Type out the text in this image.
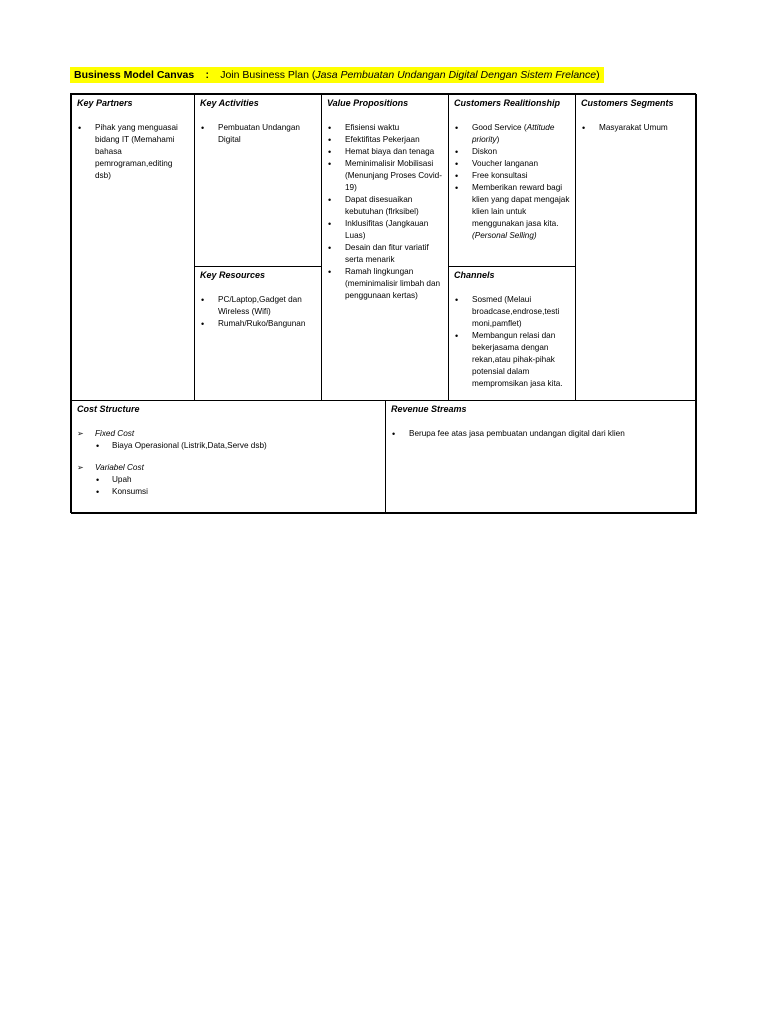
Business Model Canvas : Join Business Plan (Jasa Pembuatan Undangan Digital Dengan Sistem Frelance)
Key Partners
• Pihak yang menguasai bidang IT (Memahami bahasa pemrograman,editing dsb)
Key Activities
• Pembuatan Undangan Digital
Key Resources
• PC/Laptop,Gadget dan Wireless (Wifi)
• Rumah/Ruko/Bangunan
Value Propositions
• Efisiensi waktu
• Efektifitas Pekerjaan
• Hemat biaya dan tenaga
• Meminimalisir Mobilisasi (Menunjang Proses Covid-19)
• Dapat disesuaikan kebutuhan (flrksibel)
• Inklusifitas (Jangkauan Luas)
• Desain dan fitur variatif serta menarik
• Ramah lingkungan (meminimalisir limbah dan penggunaan kertas)
Customers Realitionship
• Good Service (Attitude priority)
• Diskon
• Voucher langanan
• Free konsultasi
• Memberikan reward bagi klien yang dapat mengajak klien lain untuk menggunakan jasa kita. (Personal Selling)
Channels
• Sosmed (Melaui broadcase,endrose,testi moni,pamflet)
• Membangun relasi dan bekerjasama dengan rekan,atau pihak-pihak potensial dalam mempromsikan jasa kita.
Customers Segments
• Masyarakat Umum
Cost Structure
➢ Fixed Cost
• Biaya Operasional (Listrik,Data,Serve dsb)
➢ Variabel Cost
• Upah
• Konsumsi
Revenue Streams
• Berupa fee atas jasa pembuatan undangan digital dari klien
